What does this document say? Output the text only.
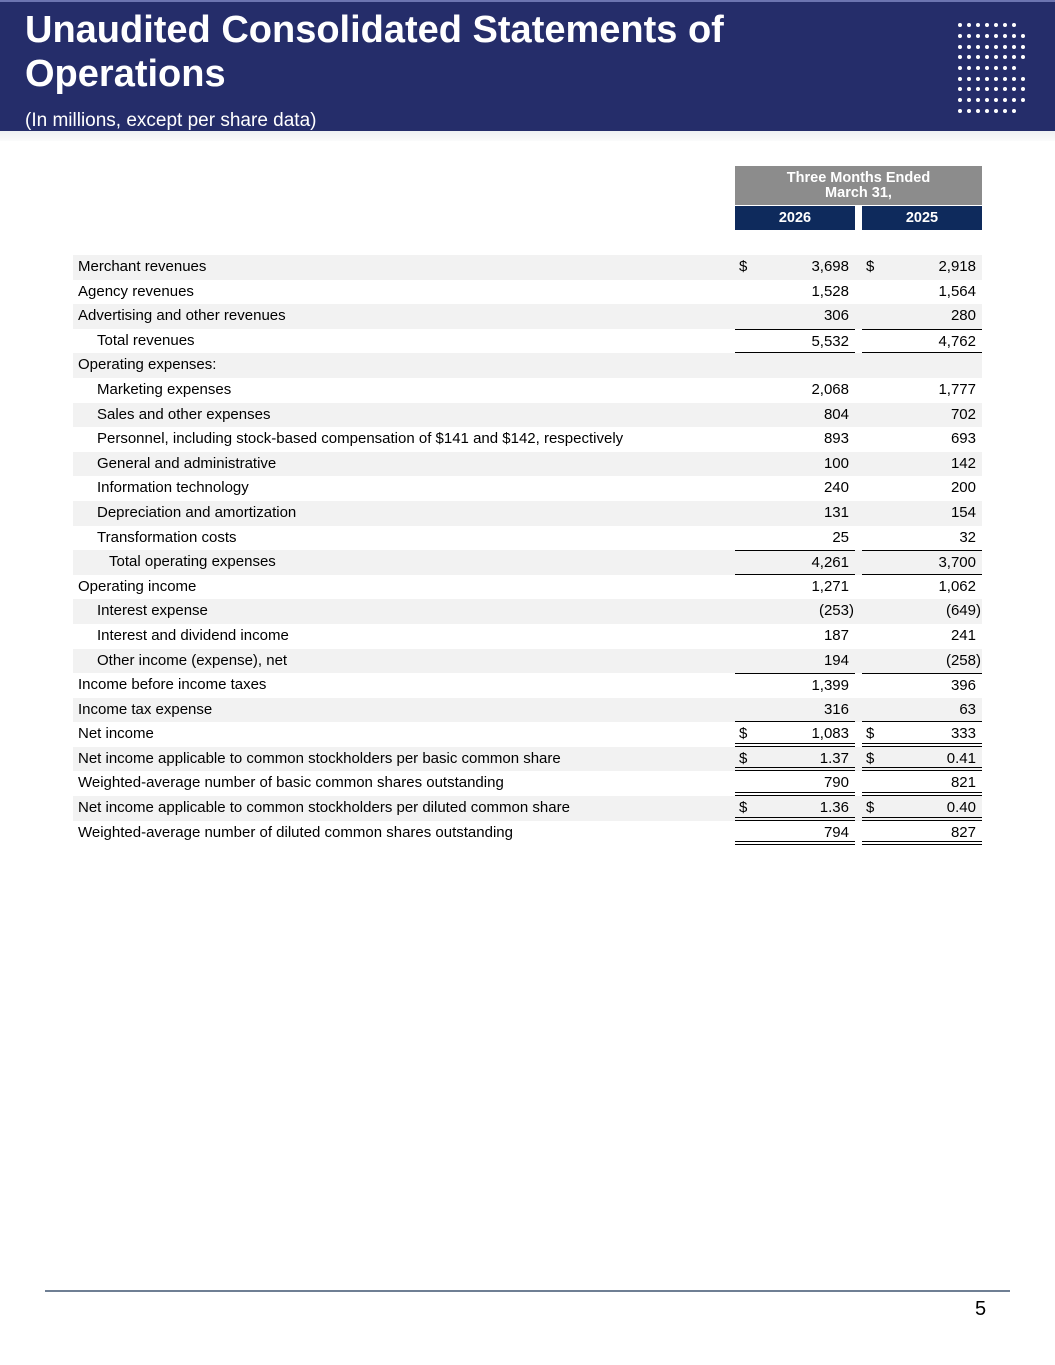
Unaudited Consolidated Statements of Operations
(In millions, except per share data)
Three Months Ended
March 31,
2026	2025
Merchant revenues	$	3,698 $	2,918
Agency revenues	1,528	1,564
Advertising and other revenues	306	280
Total revenues	5,532	4,762
Operating expenses:
Marketing expenses	2,068	1,777
Sales and other expenses	804	702
Personnel, including stock-based compensation of $141 and $142, respectively	893	693
General and administrative	100	142
Information technology	240	200
Depreciation and amortization	131	154
Transformation costs	25	32
Total operating expenses	4,261	3,700
Operating income	1,271	1,062
Interest expense	(253)	(649)
Interest and dividend income	187	241
Other income (expense), net	194	(258)
Income before income taxes	1,399	396
Income tax expense	316	63
Net income	$	1,083 $	333
Net income applicable to common stockholders per basic common share	$	1.37 $	0.41
Weighted-average number of basic common shares outstanding	790	821
Net income applicable to common stockholders per diluted common share	$	1.36 $	0.40
Weighted-average number of diluted common shares outstanding	794	827
5
